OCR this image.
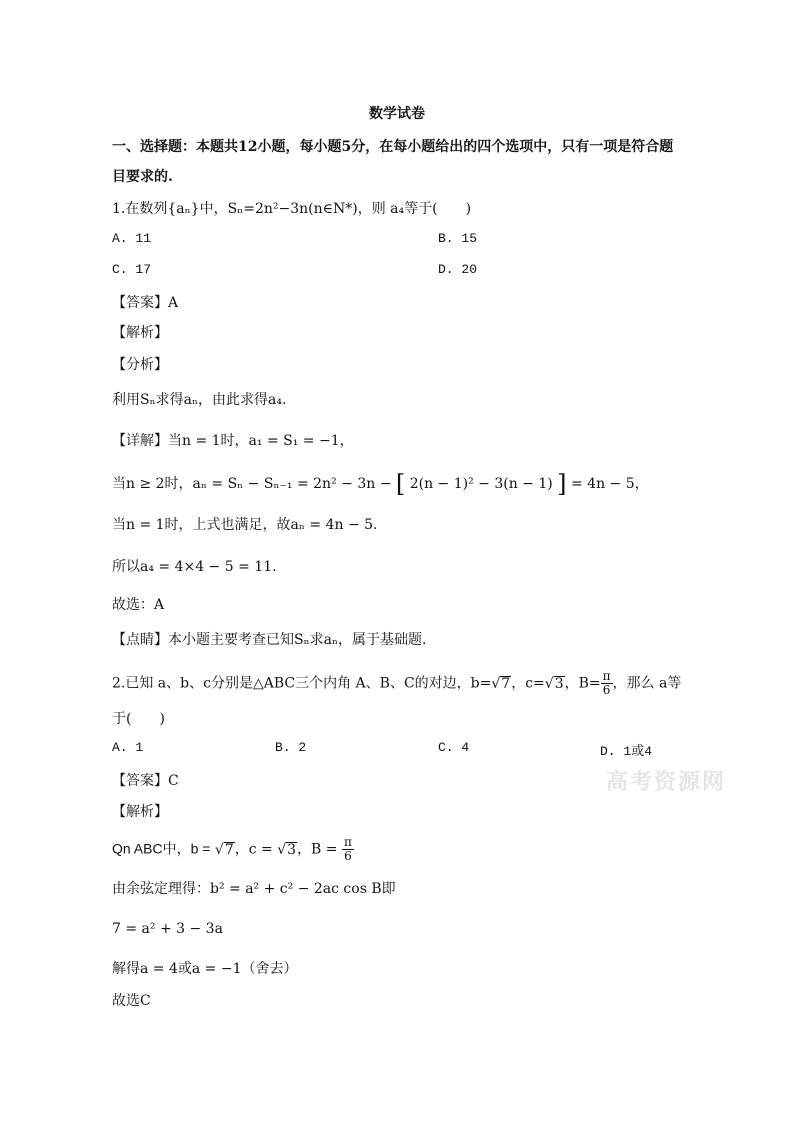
数学试卷
一、选择题：本题共12小题，每小题5分，在每小题给出的四个选项中，只有一项是符合题
目要求的.
1.在数列{aₙ}中，Sₙ=2n²−3n(n∈N*)，则 a₄等于(　　)
A. 11	B. 15
C. 17	D. 20
【答案】A
【解析】
【分析】
利用Sₙ求得aₙ，由此求得a₄.
【详解】当n = 1时，a₁ = S₁ = −1，
当n ≥ 2时，aₙ = Sₙ − Sₙ₋₁ = 2n² − 3n − [ 2(n − 1)² − 3(n − 1) ] = 4n − 5，
当n = 1时，上式也满足，故aₙ = 4n − 5.
所以a₄ = 4×4 − 5 = 11.
故选：A
【点睛】本小题主要考查已知Sₙ求aₙ，属于基础题.
2.已知 a、b、c分别是△ABC三个内角 A、B、C的对边，b=√7，c=√3，$B= \frac{\pi}{6}$ ，那么 a等
于(　　)
A. 1	B. 2	C. 4	D. 1或4
高考资源网
【答案】C
【解析】
Qn ABC中，b = √7，c = √3，$B = \frac{\pi}{6}$
由余弦定理得：b² = a² + c² − 2ac cos B即
7 = a² + 3 − 3a
解得a = 4或a = −1（舍去）
故选C
